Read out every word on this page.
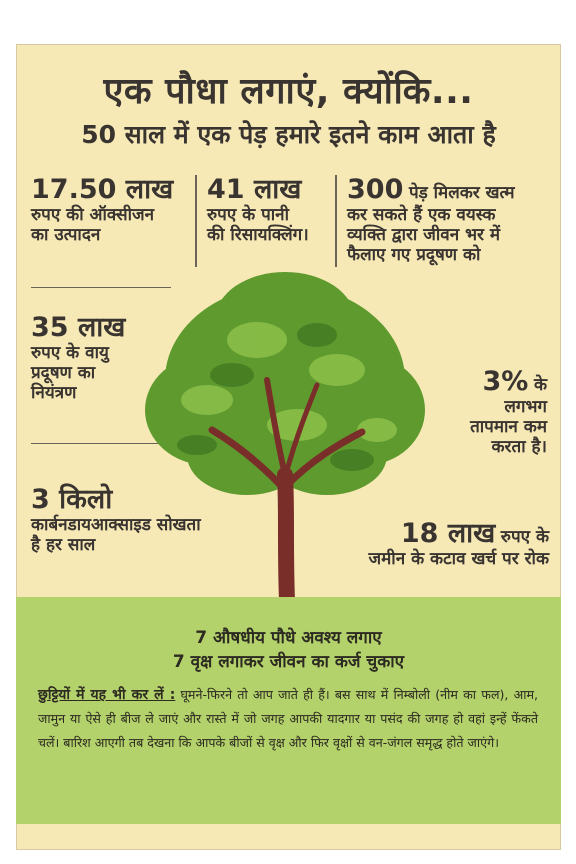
एक पौधा लगाएं, क्योंकि...
50 साल में एक पेड़ हमारे इतने काम आता है
17.50 लाख
रुपए की ऑक्सीजन
का उत्पादन
41 लाख
रुपए के पानी
की रिसायक्लिंग।
300 पेड़ मिलकर खत्म
कर सकते हैं एक वयस्क
व्यक्ति द्वारा जीवन भर में
फैलाए गए प्रदूषण को
35 लाख
रुपए के वायु
प्रदूषण का
नियंत्रण	3% के
लगभग
तापमान कम
करता है।
3 किलो
कार्बनडायआक्साइड सोखता
है हर साल	18 लाख रुपए के
जमीन के कटाव खर्च पर रोक
7 औषधीय पौधे अवश्य लगाए
7 वृक्ष लगाकर जीवन का कर्ज चुकाए
छुट्टियों में यह भी कर लें : घूमने-फिरने तो आप जाते ही हैं। बस साथ में निम्बोली (नीम का फल), आम, जामुन या ऐसे ही बीज ले जाएं और रास्ते में जो जगह आपकी यादगार या पसंद की जगह हो वहां इन्हें फेंकते चलें। बारिश आएगी तब देखना कि आपके बीजों से वृक्ष और फिर वृक्षों से वन-जंगल समृद्ध होते जाएंगे।
